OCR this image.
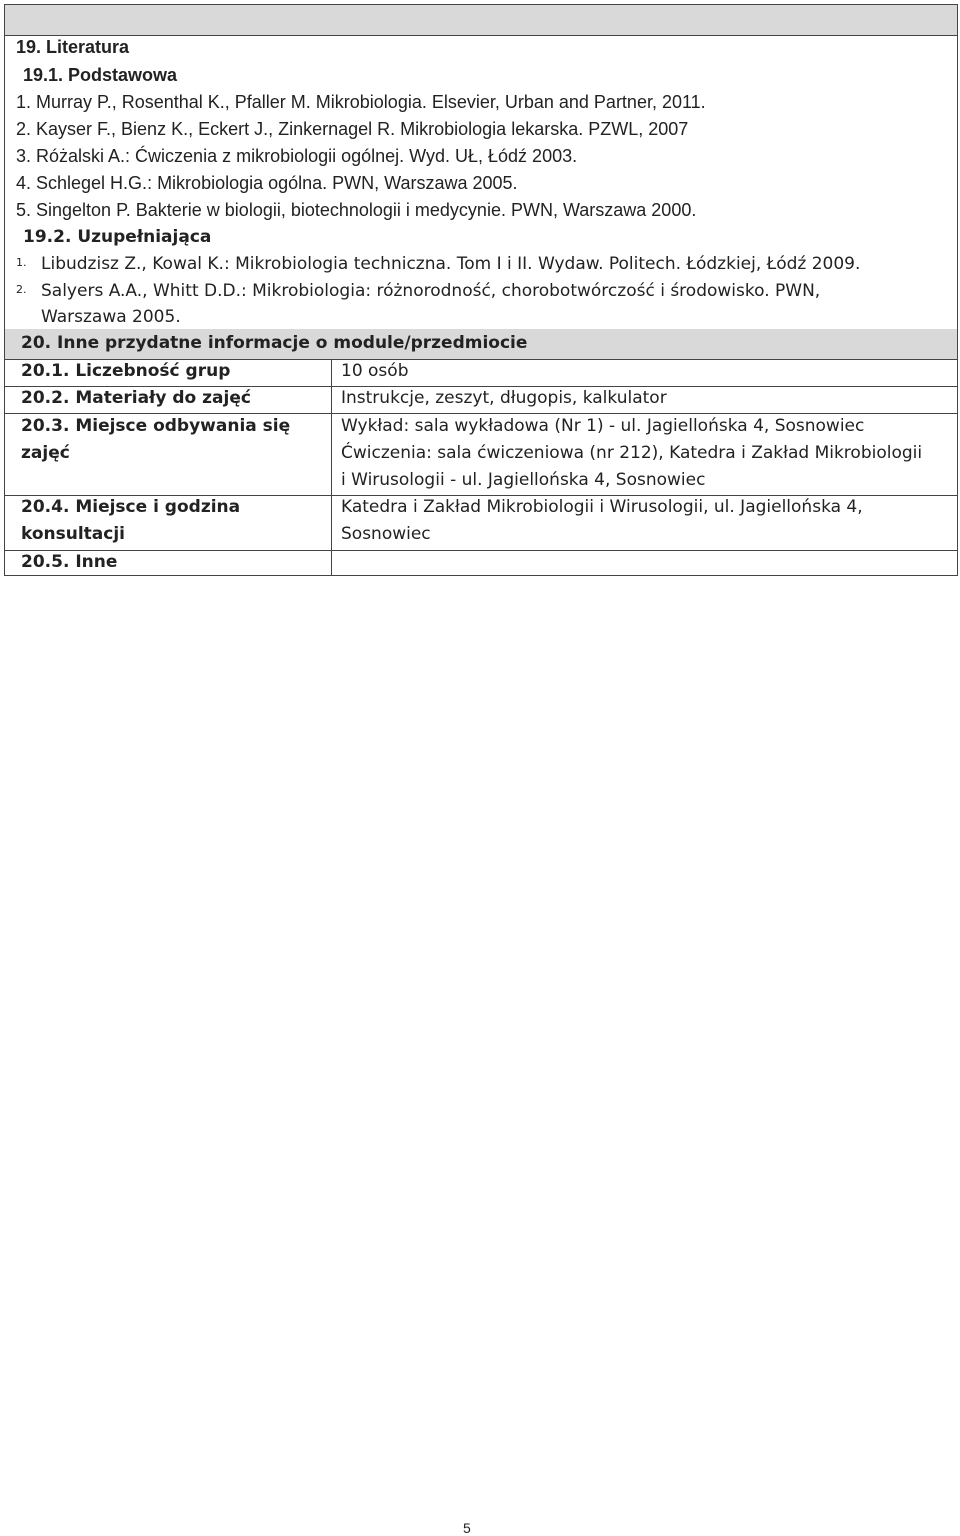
19. Literatura
19.1. Podstawowa
1. Murray P., Rosenthal K., Pfaller M. Mikrobiologia. Elsevier, Urban and Partner, 2011.
2. Kayser F., Bienz K., Eckert J., Zinkernagel R. Mikrobiologia lekarska. PZWL, 2007
3. Różalski A.: Ćwiczenia z mikrobiologii ogólnej. Wyd. UŁ, Łódź 2003.
4. Schlegel H.G.: Mikrobiologia ogólna. PWN, Warszawa 2005.
5. Singelton P. Bakterie w biologii, biotechnologii i medycynie. PWN, Warszawa 2000.
19.2. Uzupełniająca
1. Libudzisz Z., Kowal K.: Mikrobiologia techniczna. Tom I i II. Wydaw. Politech. Łódzkiej, Łódź 2009.
2. Salyers A.A., Whitt D.D.: Mikrobiologia: różnorodność, chorobotwórczość i środowisko. PWN,
Warszawa 2005.
20. Inne przydatne informacje o module/przedmiocie
20.1. Liczebność grup	10 osób
20.2. Materiały do zajęć	Instrukcje, zeszyt, długopis, kalkulator
20.3. Miejsce odbywania się
zajęć
Wykład: sala wykładowa (Nr 1) - ul. Jagiellońska 4, Sosnowiec
Ćwiczenia: sala ćwiczeniowa (nr 212), Katedra i Zakład Mikrobiologii
i Wirusologii - ul. Jagiellońska 4, Sosnowiec
20.4. Miejsce i godzina
konsultacji
Katedra i Zakład Mikrobiologii i Wirusologii, ul. Jagiellońska 4,
Sosnowiec
20.5. Inne
5
